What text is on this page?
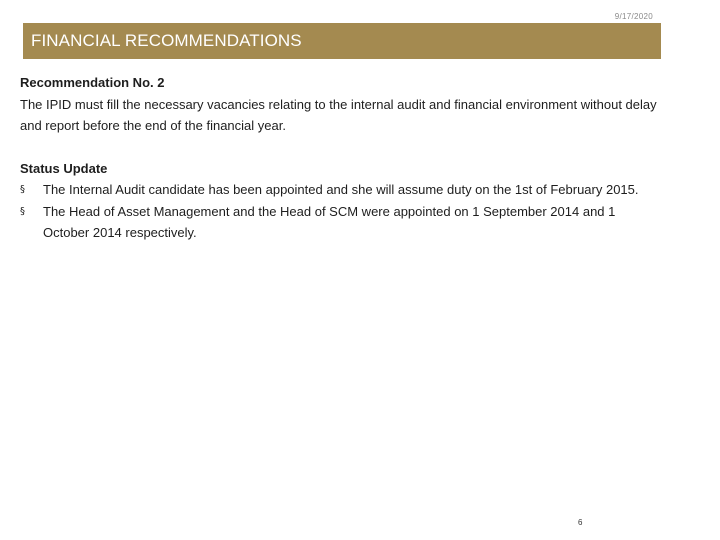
9/17/2020
FINANCIAL RECOMMENDATIONS
Recommendation No. 2
The IPID must fill the necessary vacancies relating to the internal audit and financial environment without delay and report before the end of the financial year.
Status Update
§ The Internal Audit candidate has been appointed and she will assume duty on the 1st of February 2015.
§ The Head of Asset Management and the Head of SCM were appointed on 1 September 2014 and 1 October 2014 respectively.
6
